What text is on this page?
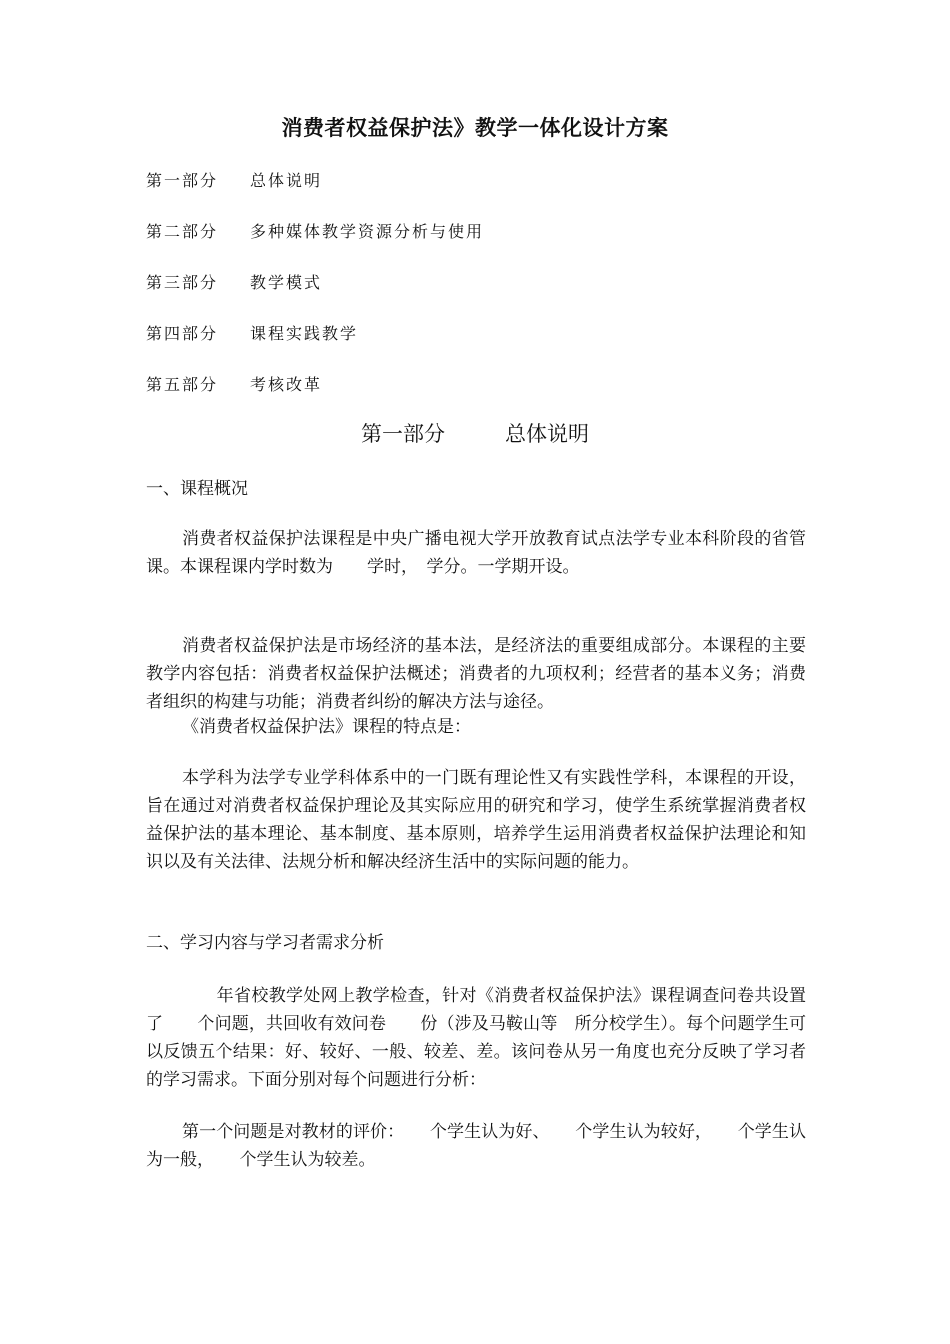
消费者权益保护法》教学一体化设计方案
第一部分 总体说明
第二部分 多种媒体教学资源分析与使用
第三部分 教学模式
第四部分 课程实践教学
第五部分 考核改革
第一部分	总体说明
一、课程概况

消费者权益保护法课程是中央广播电视大学开放教育试点法学专业本科阶段的省管课。本课程课内学时数为　　学时，　学分。一学期开设。

消费者权益保护法是市场经济的基本法，是经济法的重要组成部分。本课程的主要教学内容包括：消费者权益保护法概述；消费者的九项权利；经营者的基本义务；消费者组织的构建与功能；消费者纠纷的解决方法与途径。

《消费者权益保护法》课程的特点是：

本学科为法学专业学科体系中的一门既有理论性又有实践性学科，本课程的开设，旨在通过对消费者权益保护理论及其实际应用的研究和学习，使学生系统掌握消费者权益保护法的基本理论、基本制度、基本原则，培养学生运用消费者权益保护法理论和知识以及有关法律、法规分析和解决经济生活中的实际问题的能力。

二、学习内容与学习者需求分析

　　年省校教学处网上教学检查，针对《消费者权益保护法》课程调查问卷共设置了　　个问题，共回收有效问卷　　份（涉及马鞍山等　所分校学生）。每个问题学生可以反馈五个结果：好、较好、一般、较差、差。该问卷从另一角度也充分反映了学习者的学习需求。下面分别对每个问题进行分析：

第一个问题是对教材的评价：　　个学生认为好、　　个学生认为较好，　　个学生认为一般，　　个学生认为较差。
